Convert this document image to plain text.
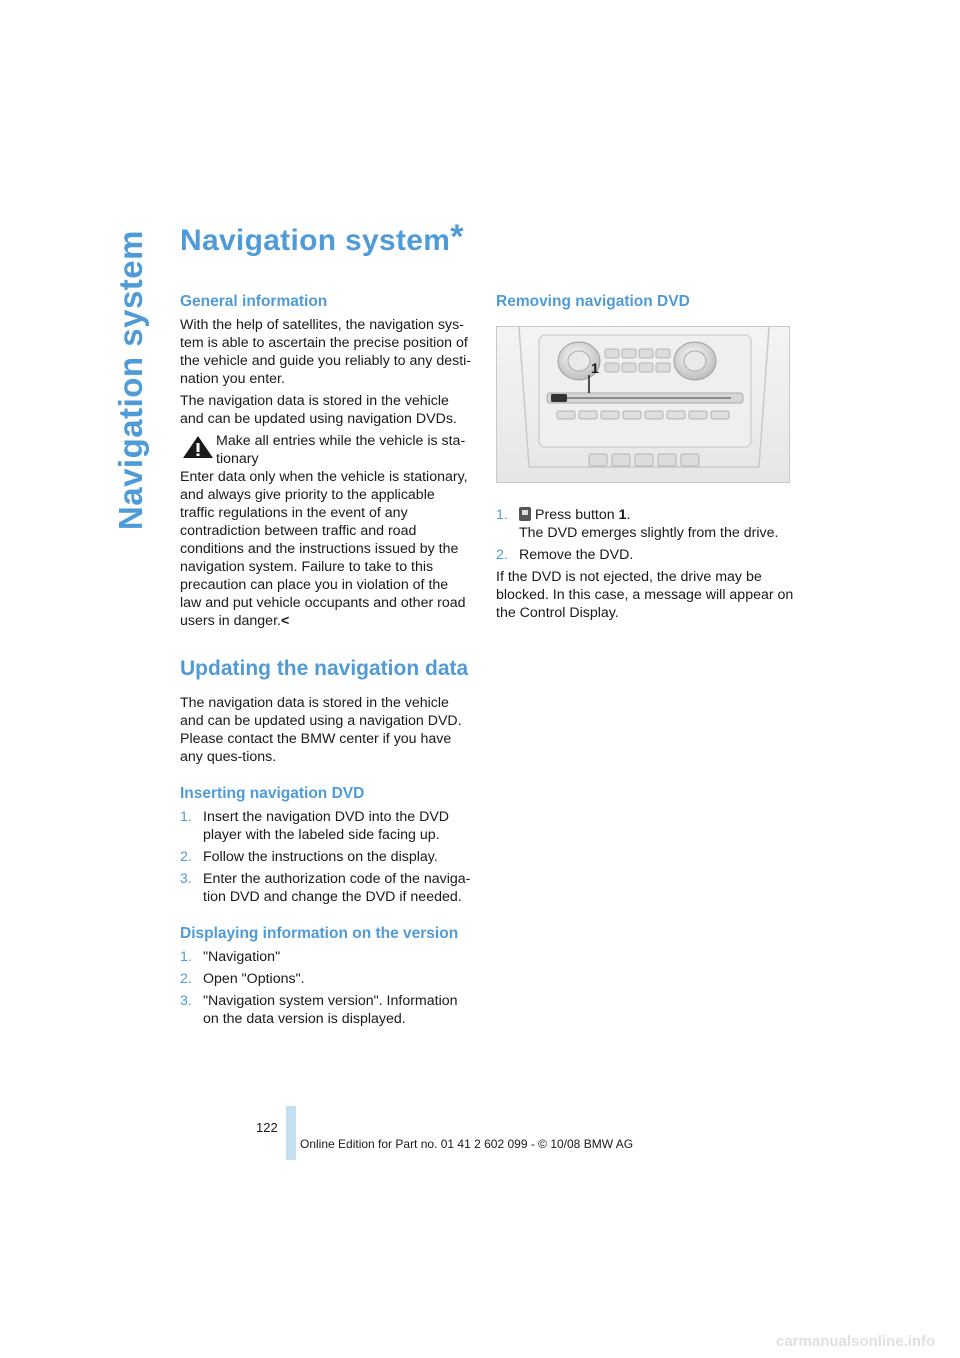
Navigation system Navigation system*
General information

With the help of satellites, the navigation sys-tem is able to ascertain the precise position of the vehicle and guide you reliably to any desti-nation you enter.

The navigation data is stored in the vehicle and can be updated using navigation DVDs.

Make all entries while the vehicle is sta-tionary

Enter data only when the vehicle is stationary, and always give priority to the applicable traffic regulations in the event of any contradiction between traffic and road conditions and the instructions issued by the navigation system. Failure to take to this precaution can place you in violation of the law and put vehicle occupants and other road users in danger.<

Updating the navigation data

The navigation data is stored in the vehicle and can be updated using a navigation DVD. Please contact the BMW center if you have any ques-tions.

Inserting navigation DVD
1. Insert the navigation DVD into the DVD player with the labeled side facing up.
2. Follow the instructions on the display.
3. Enter the authorization code of the naviga-tion DVD and change the DVD if needed.
Displaying information on the version
1. "Navigation"
2. Open "Options".
3. "Navigation system version". Information on the data version is displayed.
Removing navigation DVD
1
1.	Press button 1.
The DVD emerges slightly from the drive.
2. Remove the DVD.

If the DVD is not ejected, the drive may be blocked. In this case, a message will appear on the Control Display.

122
Online Edition for Part no. 01 41 2 602 099 - © 10/08 BMW AG
carmanualsonline.info
